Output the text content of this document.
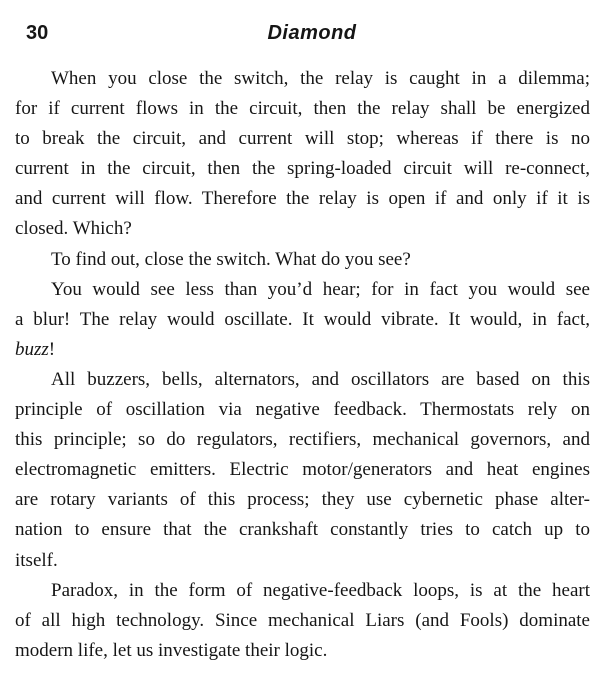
30	Diamond
When you close the switch, the relay is caught in a dilemma;
for if current flows in the circuit, then the relay shall be energized
to break the circuit, and current will stop; whereas if there is no
current in the circuit, then the spring-loaded circuit will re-connect,
and current will flow. Therefore the relay is open if and only if it is
closed. Which?
To find out, close the switch. What do you see?
You would see less than you’d hear; for in fact you would see
a blur! The relay would oscillate. It would vibrate. It would, in fact,
buzz!
All buzzers, bells, alternators, and oscillators are based on this
principle of oscillation via negative feedback. Thermostats rely on
this principle; so do regulators, rectifiers, mechanical governors, and
electromagnetic emitters. Electric motor/generators and heat engines
are rotary variants of this process; they use cybernetic phase alter-
nation to ensure that the crankshaft constantly tries to catch up to
itself.
Paradox, in the form of negative-feedback loops, is at the heart
of all high technology. Since mechanical Liars (and Fools) dominate
modern life, let us investigate their logic.
